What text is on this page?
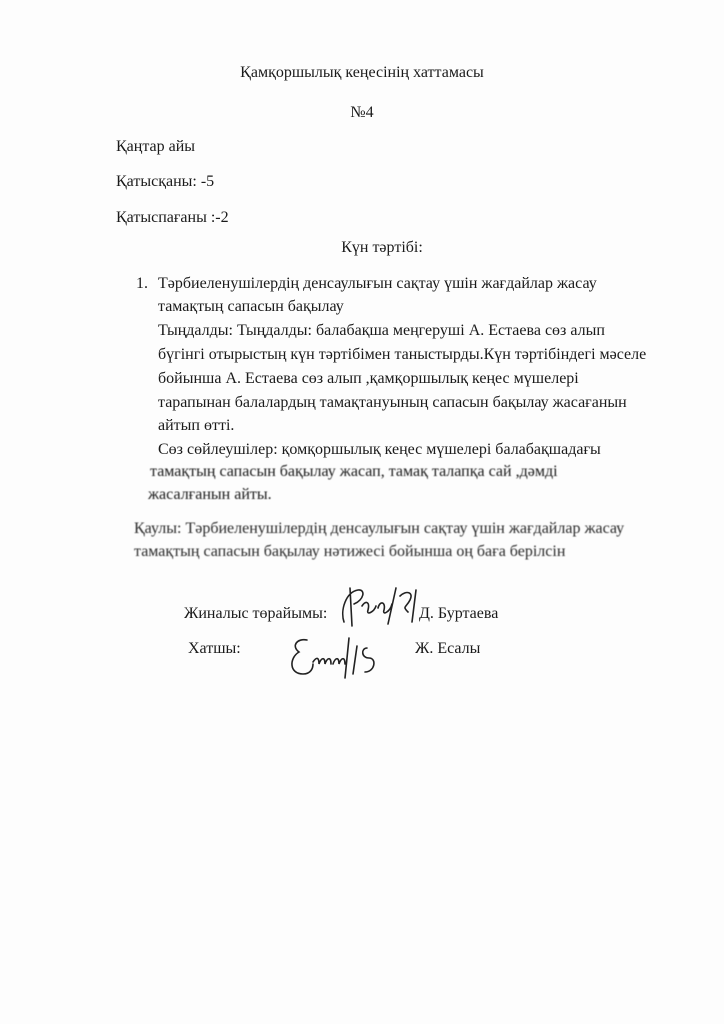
Қамқоршылық кеңесінің хаттамасы
№4
Қаңтар айы
Қатысқаны: -5
Қатыспағаны :-2
Күн тәртібі:
1. Тәрбиеленушілердің денсаулығын сақтау үшін жағдайлар жасау
тамақтың сапасын бақылау
Тыңдалды: Тыңдалды: балабақша меңгеруші А. Естаева сөз алып
бүгінгі отырыстың күн тәртібімен таныстырды.Күн тәртібіндегі мәселе
бойынша А. Естаева сөз алып ,қамқоршылық кеңес мүшелері
тарапынан балалардың тамақтануының сапасын бақылау жасағанын
айтып өтті.
Сөз сөйлеушілер: қомқоршылық кеңес мүшелері балабақшадағы
тамақтың сапасын бақылау жасап, тамақ талапқа сай ,дәмді
жасалғанын айты.
Қаулы: Тәрбиеленушілердің денсаулығын сақтау үшін жағдайлар жасау
тамақтың сапасын бақылау нәтижесі бойынша оң баға берілсін
Жиналыс төрайымы:	Д. Буртаева
Хатшы:	Ж. Есалы
